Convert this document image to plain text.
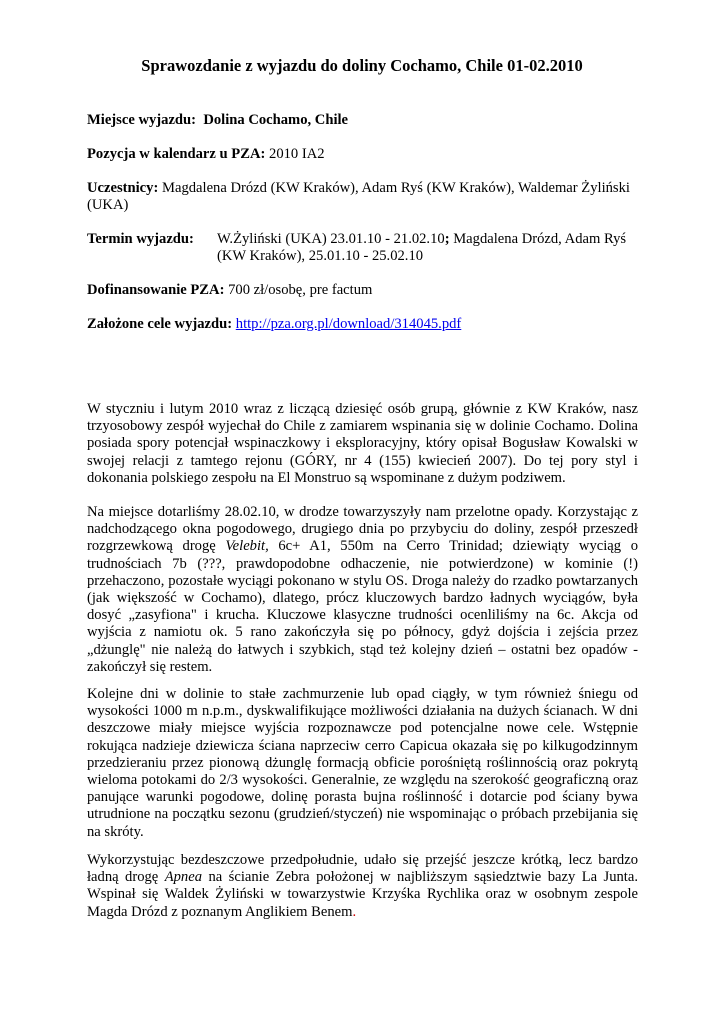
Sprawozdanie z wyjazdu do doliny Cochamo, Chile 01-02.2010
Miejsce wyjazdu: Dolina Cochamo, Chile
Pozycja w kalendarz u PZA: 2010 IA2
Uczestnicy: Magdalena Drózd (KW Kraków), Adam Ryś (KW Kraków), Waldemar Żyliński (UKA)
Termin wyjazdu:	W.Żyliński (UKA) 23.01.10 - 21.02.10; Magdalena Drózd, Adam Ryś (KW Kraków), 25.01.10 - 25.02.10
Dofinansowanie PZA: 700 zł/osobę, pre factum
Założone cele wyjazdu: http://pza.org.pl/download/314045.pdf

W styczniu i lutym 2010 wraz z liczącą dziesięć osób grupą, głównie z KW Kraków, nasz trzyosobowy zespół wyjechał do Chile z zamiarem wspinania się w dolinie Cochamo. Dolina posiada spory potencjał wspinaczkowy i eksploracyjny, który opisał Bogusław Kowalski w swojej relacji z tamtego rejonu (GÓRY, nr 4 (155) kwiecień 2007). Do tej pory styl i dokonania polskiego zespołu na El Monstruo są wspominane z dużym podziwem.

Na miejsce dotarliśmy 28.02.10, w drodze towarzyszyły nam przelotne opady. Korzystając z nadchodzącego okna pogodowego, drugiego dnia po przybyciu do doliny, zespół przeszedł rozgrzewkową drogę Velebit, 6c+ A1, 550m na Cerro Trinidad; dziewiąty wyciąg o trudnościach 7b (???, prawdopodobne odhaczenie, nie potwierdzone) w kominie (!) przehaczono, pozostałe wyciągi pokonano w stylu OS. Droga należy do rzadko powtarzanych (jak większość w Cochamo), dlatego, prócz kluczowych bardzo ładnych wyciągów, była dosyć „zasyfiona" i krucha. Kluczowe klasyczne trudności ocenliliśmy na 6c. Akcja od wyjścia z namiotu ok. 5 rano zakończyła się po północy, gdyż dojścia i zejścia przez „dżunglę" nie należą do łatwych i szybkich, stąd też kolejny dzień – ostatni bez opadów - zakończył się restem.

Kolejne dni w dolinie to stałe zachmurzenie lub opad ciągły, w tym również śniegu od wysokości 1000 m n.p.m., dyskwalifikujące możliwości działania na dużych ścianach. W dni deszczowe miały miejsce wyjścia rozpoznawcze pod potencjalne nowe cele. Wstępnie rokująca nadzieje dziewicza ściana naprzeciw cerro Capicua okazała się po kilkugodzinnym przedzieraniu przez pionową dżunglę formacją obficie porośniętą roślinnością oraz pokrytą wieloma potokami do 2/3 wysokości. Generalnie, ze względu na szerokość geograficzną oraz panujące warunki pogodowe, dolinę porasta bujna roślinność i dotarcie pod ściany bywa utrudnione na początku sezonu (grudzień/styczeń) nie wspominając o próbach przebijania się na skróty.

Wykorzystując bezdeszczowe przedpołudnie, udało się przejść jeszcze krótką, lecz bardzo ładną drogę Apnea na ścianie Zebra położonej w najbliższym sąsiedztwie bazy La Junta. Wspinał się Waldek Żyliński w towarzystwie Krzyśka Rychlika oraz w osobnym zespole Magda Drózd z poznanym Anglikiem Benem.
